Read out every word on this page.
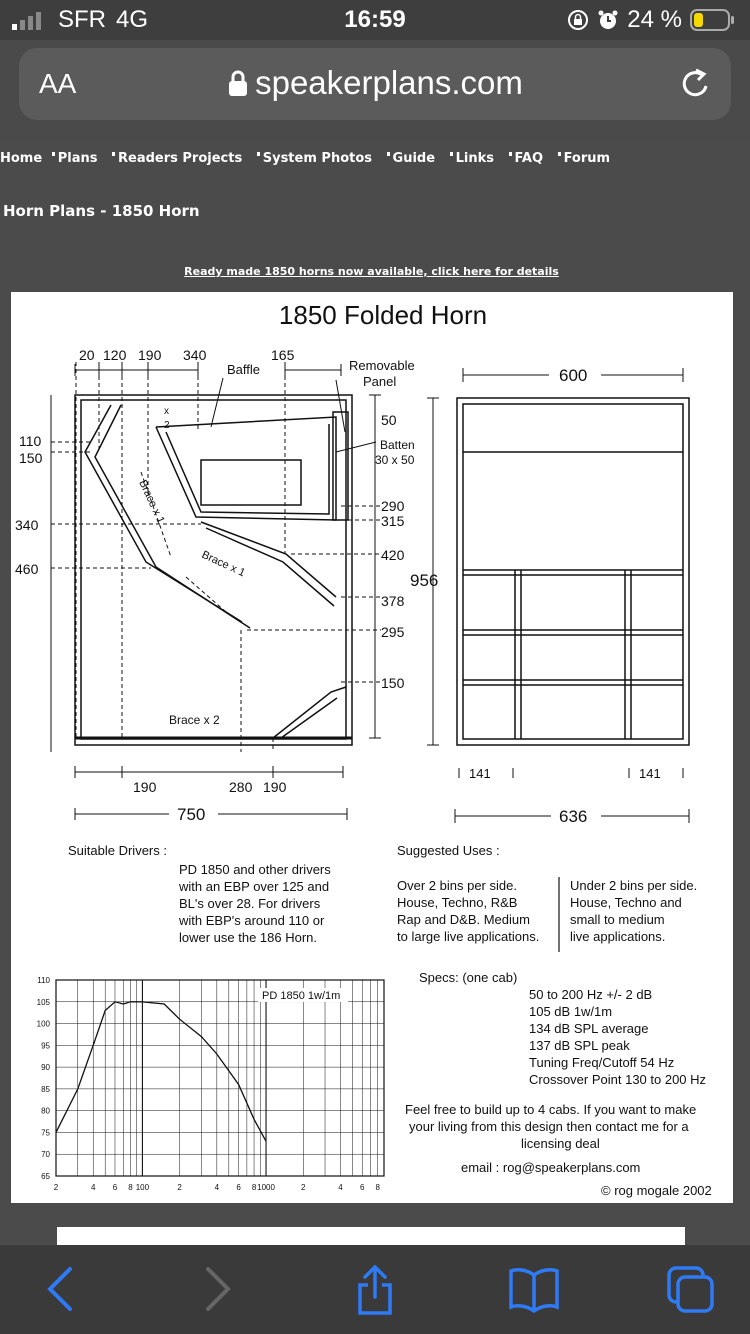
SFR 4G	16:59	24 %
AA	speakerplans.com
Home Plans Readers Projects System Photos Guide Links FAQ Forum
Horn Plans - 1850 Horn
Ready made 1850 horns now available, click here for details
1850 Folded Horn
20 120 190 340	165
Baffle	Removable
Panel
Batten
30 x 50
x
2
Brace x 1
Brace x 1
Brace x 2
110
150
340
460
50
290
315
420
378
295
150
956
190	280 190
750
600
636
141	141
Suitable Drivers :
PD 1850 and other drivers
with an EBP over 125 and
BL's over 28. For drivers
with EBP's around 110 or
lower use the 186 Horn.
Suggested Uses :
Over 2 bins per side.
House, Techno, R&B
Rap and D&B. Medium
to large live applications.
Under 2 bins per side.
House, Techno and
small to medium
live applications.
Specs: (one cab)
50 to 200 Hz +/- 2 dB
105 dB 1w/1m
134 dB SPL average
137 dB SPL peak
Tuning Freq/Cutoff 54 Hz
Crossover Point 130 to 200 Hz
Feel free to build up to 4 cabs. If you want to make
your living from this design then contact me for a
licensing deal
email : rog@speakerplans.com
© rog mogale 2002
110
105
100
95
90
85
80
75
70
65
2	4 6 8 100	2	4 6 8 1000	2	4 6 8
PD 1850 1w/1m
